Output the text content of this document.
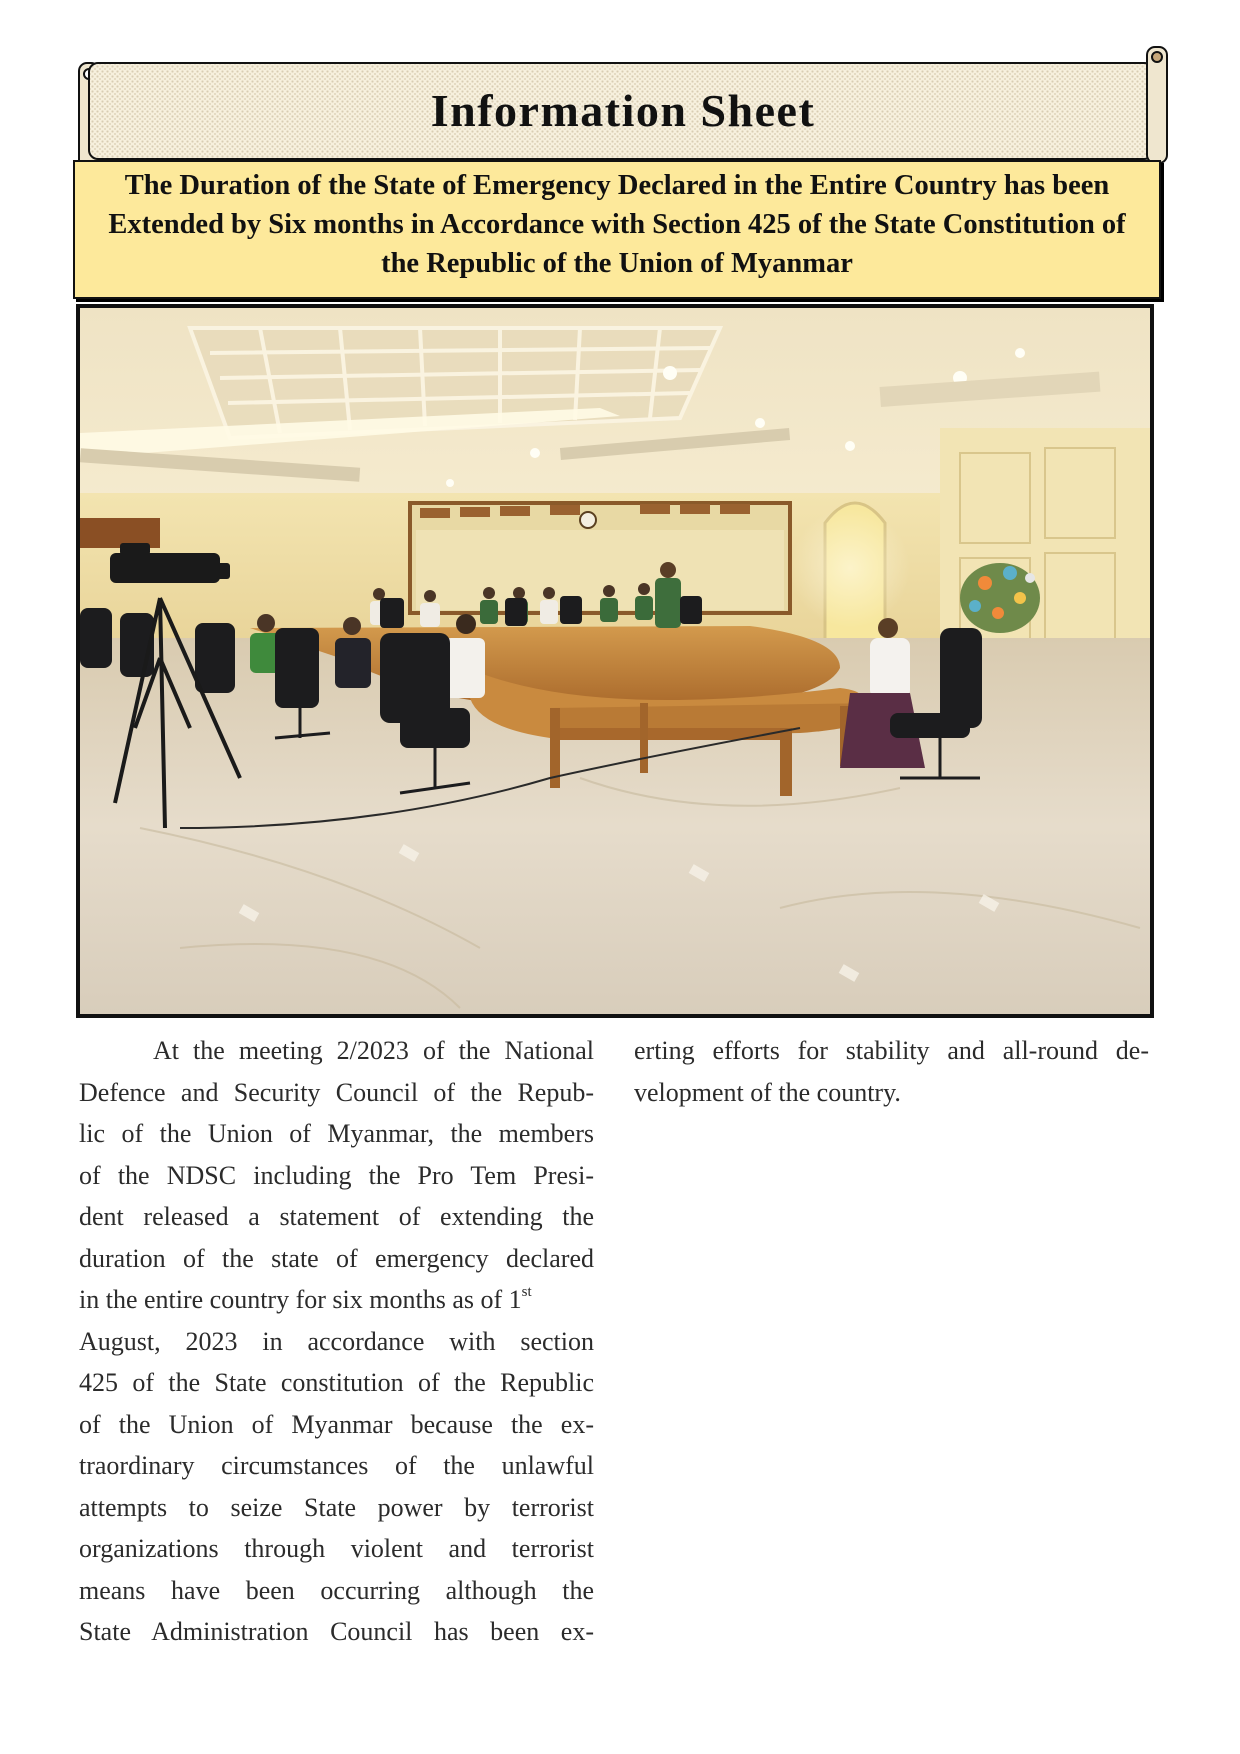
Information Sheet

The Duration of the State of Emergency Declared in the Entire Country has been Extended by Six months in Accordance with Section 425 of the State Constitution of the Republic of the Union of Myanmar

At the meeting 2/2023 of the National
Defence and Security Council of the Repub-
lic of the Union of Myanmar, the members
of the NDSC including the Pro Tem Presi-
dent released a statement of extending the
duration of the state of emergency declared
in the entire country for six months as of 1st
August, 2023 in accordance with section
425 of the State constitution of the Republic
of the Union of Myanmar because the ex-
traordinary circumstances of the unlawful
attempts to seize State power by terrorist
organizations through violent and terrorist
means have been occurring although the
State Administration Council has been ex-
erting efforts for stability and all-round de-
velopment of the country.
